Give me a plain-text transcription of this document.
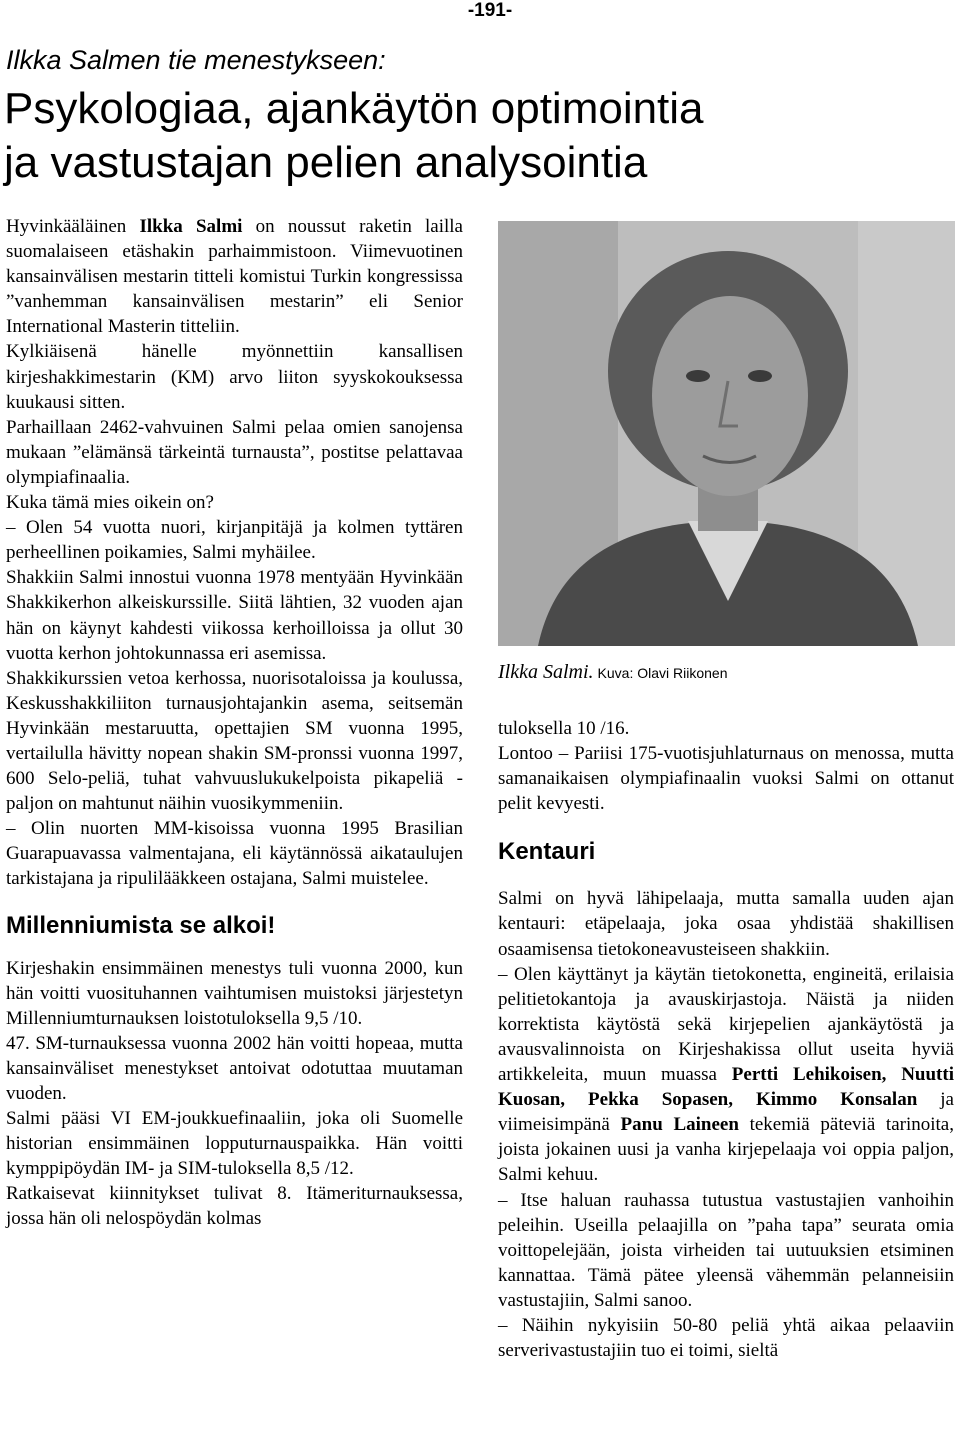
-191-
Ilkka Salmen tie menestykseen:
Psykologiaa, ajankäytön optimointia
ja vastustajan pelien analysointia

Hyvinkääläinen Ilkka Salmi on noussut raketin lailla suomalaiseen etäshakin parhaimmistoon. Viimevuotinen kansainvälisen mestarin titteli komistui Turkin kongressissa ”vanhemman kansainvälisen mestarin” eli Senior International Masterin titteliin.

Kylkiäisenä hänelle myönnettiin kansallisen kirjeshakkimestarin (KM) arvo liiton syyskokouksessa kuukausi sitten.

Parhaillaan 2462-vahvuinen Salmi pelaa omien sanojensa mukaan ”elämänsä tärkeintä turnausta”, postitse pelattavaa olympiafinaalia.

Kuka tämä mies oikein on?

– Olen 54 vuotta nuori, kirjanpitäjä ja kolmen tyttären perheellinen poikamies, Salmi myhäilee.

Shakkiin Salmi innostui vuonna 1978 mentyään Hyvinkään Shakkikerhon alkeiskurssille. Siitä lähtien, 32 vuoden ajan hän on käynyt kahdesti viikossa kerhoilloissa ja ollut 30 vuotta kerhon johtokunnassa eri asemissa.

Shakkikurssien vetoa kerhossa, nuorisotaloissa ja koulussa, Keskusshakkiliiton turnausjohtajankin asema, seitsemän Hyvinkään mestaruutta, opettajien SM vuonna 1995, vertailulla hävitty nopean shakin SM-pronssi vuonna 1997, 600 Selo-peliä, tuhat vahvuuslukukelpoista pikapeliä - paljon on mahtunut näihin vuosikymmeniin.

– Olin nuorten MM-kisoissa vuonna 1995 Brasilian Guarapuavassa valmentajana, eli käytännössä aikataulujen tarkistajana ja ripulilääkkeen ostajana, Salmi muistelee.

Millenniumista se alkoi!

Kirjeshakin ensimmäinen menestys tuli vuonna 2000, kun hän voitti vuosituhannen vaihtumisen muistoksi järjestetyn Millenniumturnauksen loistotuloksella 9,5 /10.

47. SM-turnauksessa vuonna 2002 hän voitti hopeaa, mutta kansainväliset menestykset antoivat odotuttaa muutaman vuoden.

Salmi pääsi VI EM-joukkuefinaaliin, joka oli Suomelle historian ensimmäinen lopputurnauspaikka. Hän voitti kymppipöydän IM- ja SIM-tuloksella 8,5 /12.

Ratkaisevat kiinnitykset tulivat 8. Itämeriturnauksessa, jossa hän oli nelospöydän kolmas

Ilkka Salmi. Kuva: Olavi Riikonen

tuloksella 10 /16.

Lontoo – Pariisi 175-vuotisjuhlaturnaus on menossa, mutta samanaikaisen olympiafinaalin vuoksi Salmi on ottanut pelit kevyesti.

Kentauri

Salmi on hyvä lähipelaaja, mutta samalla uuden ajan kentauri: etäpelaaja, joka osaa yhdistää shakillisen osaamisensa tietokoneavusteiseen shakkiin.

– Olen käyttänyt ja käytän tietokonetta, engineitä, erilaisia pelitietokantoja ja avauskirjastoja. Näistä ja niiden korrektista käytöstä sekä kirjepelien ajankäytöstä ja avausvalinnoista on Kirjeshakissa ollut useita hyviä artikkeleita, muun muassa Pertti Lehikoisen, Nuutti Kuosan, Pekka Sopasen, Kimmo Konsalan ja viimeisimpänä Panu Laineen tekemiä päteviä tarinoita, joista jokainen uusi ja vanha kirjepelaaja voi oppia paljon, Salmi kehuu.

– Itse haluan rauhassa tutustua vastustajien vanhoihin peleihin. Useilla pelaajilla on ”paha tapa” seurata omia voittopelejään, joista virheiden tai uutuuksien etsiminen kannattaa. Tämä pätee yleensä vähemmän pelanneisiin vastustajiin, Salmi sanoo.

– Näihin nykyisiin 50-80 peliä yhtä aikaa pelaaviin serverivastustajiin tuo ei toimi, sieltä
